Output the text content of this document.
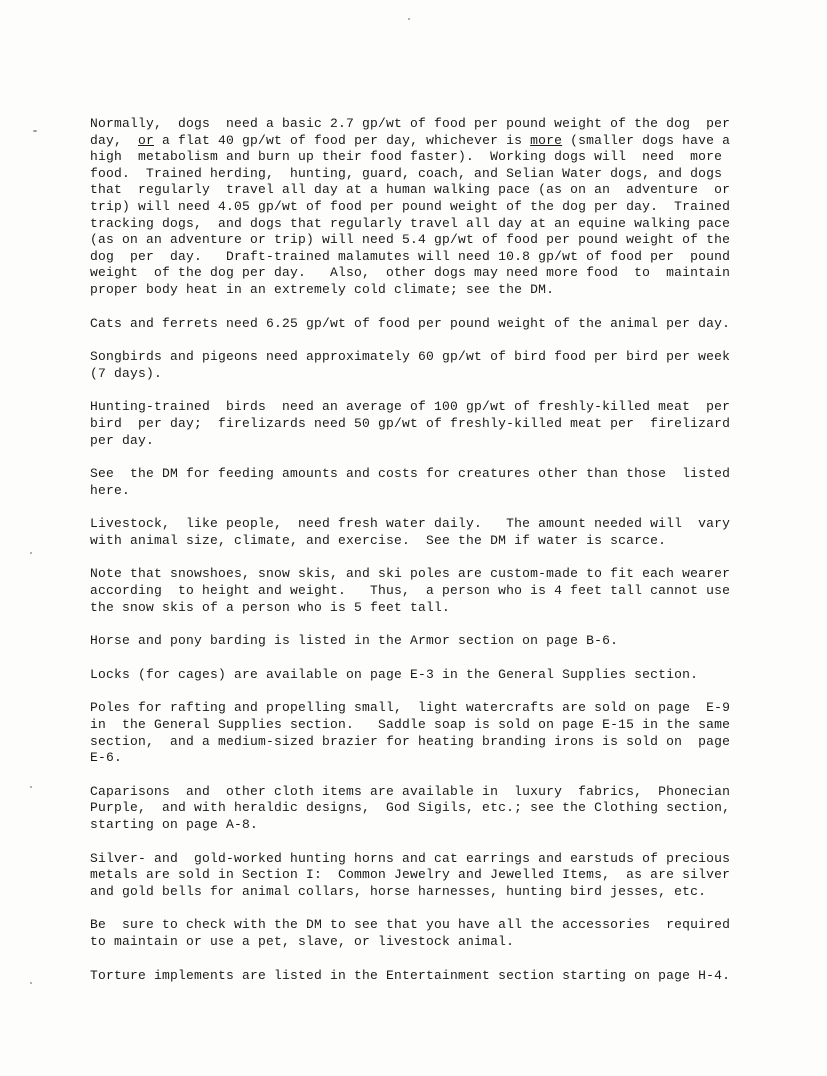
Normally,  dogs  need a basic 2.7 gp/wt of food per pound weight of the dog  per
day,  or a flat 40 gp/wt of food per day, whichever is more (smaller dogs have a
high  metabolism and burn up their food faster).  Working dogs will  need  more
food.  Trained herding,  hunting, guard, coach, and Selian Water dogs, and dogs
that  regularly  travel all day at a human walking pace (as on an  adventure  or
trip) will need 4.05 gp/wt of food per pound weight of the dog per day.  Trained
tracking dogs,  and dogs that regularly travel all day at an equine walking pace
(as on an adventure or trip) will need 5.4 gp/wt of food per pound weight of the
dog  per  day.   Draft-trained malamutes will need 10.8 gp/wt of food per  pound
weight  of the dog per day.   Also,  other dogs may need more food  to  maintain
proper body heat in an extremely cold climate; see the DM.

Cats and ferrets need 6.25 gp/wt of food per pound weight of the animal per day.

Songbirds and pigeons need approximately 60 gp/wt of bird food per bird per week
(7 days).

Hunting-trained  birds  need an average of 100 gp/wt of freshly-killed meat  per
bird  per day;  firelizards need 50 gp/wt of freshly-killed meat per  firelizard
per day.

See  the DM for feeding amounts and costs for creatures other than those  listed
here.

Livestock,  like people,  need fresh water daily.   The amount needed will  vary
with animal size, climate, and exercise.  See the DM if water is scarce.

Note that snowshoes, snow skis, and ski poles are custom-made to fit each wearer
according  to height and weight.   Thus,  a person who is 4 feet tall cannot use
the snow skis of a person who is 5 feet tall.

Horse and pony barding is listed in the Armor section on page B-6.

Locks (for cages) are available on page E-3 in the General Supplies section.

Poles for rafting and propelling small,  light watercrafts are sold on page  E-9
in  the General Supplies section.   Saddle soap is sold on page E-15 in the same
section,  and a medium-sized brazier for heating branding irons is sold on  page
E-6.

Caparisons  and  other cloth items are available in  luxury  fabrics,  Phonecian
Purple,  and with heraldic designs,  God Sigils, etc.; see the Clothing section,
starting on page A-8.

Silver- and  gold-worked hunting horns and cat earrings and earstuds of precious
metals are sold in Section I:  Common Jewelry and Jewelled Items,  as are silver
and gold bells for animal collars, horse harnesses, hunting bird jesses, etc.

Be  sure to check with the DM to see that you have all the accessories  required
to maintain or use a pet, slave, or livestock animal.

Torture implements are listed in the Entertainment section starting on page H-4.
